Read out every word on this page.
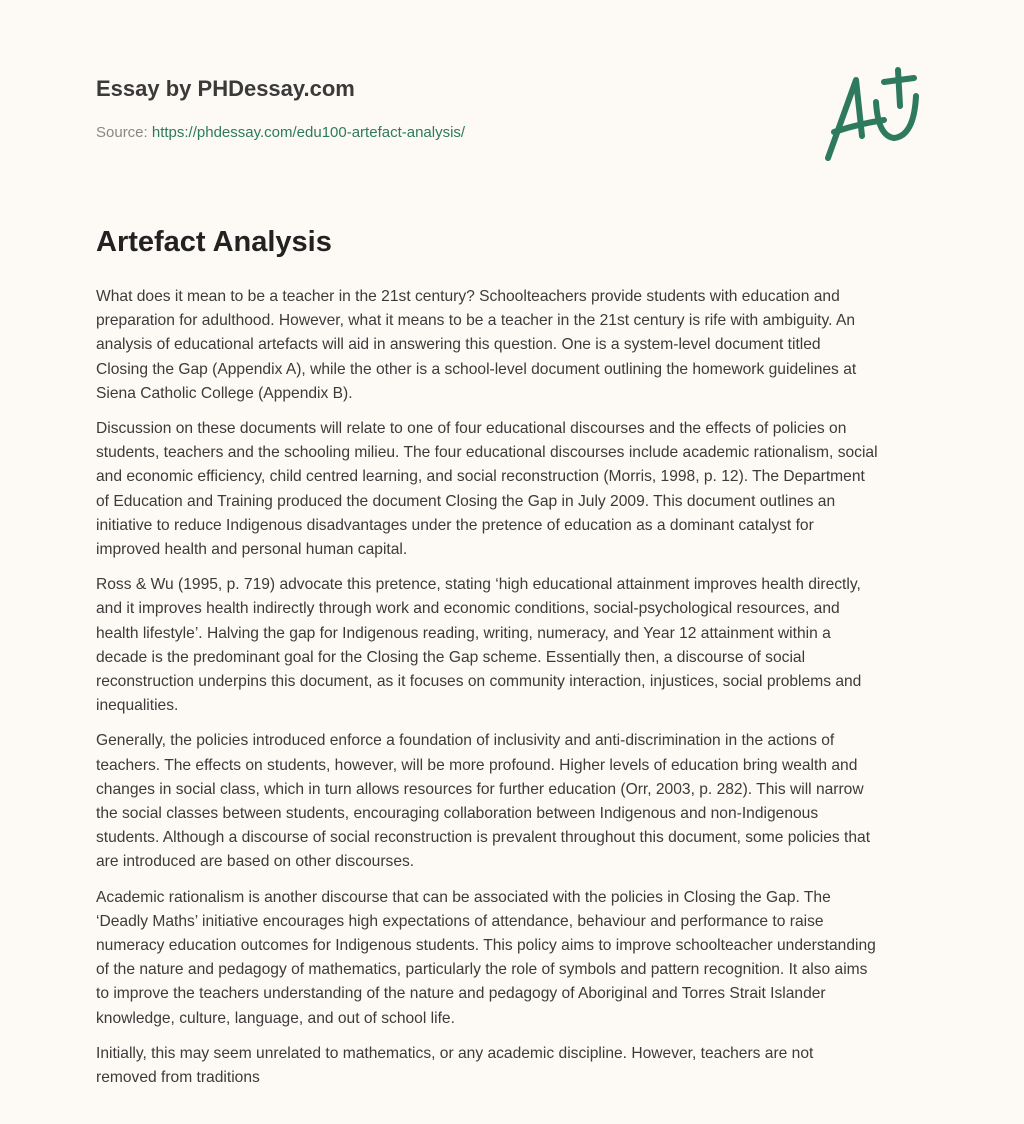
Essay by PHDessay.com
Source: https://phdessay.com/edu100-artefact-analysis/
Artefact Analysis

What does it mean to be a teacher in the 21st century? Schoolteachers provide students with education and
preparation for adulthood. However, what it means to be a teacher in the 21st century is rife with ambiguity. An
analysis of educational artefacts will aid in answering this question. One is a system-level document titled
Closing the Gap (Appendix A), while the other is a school-level document outlining the homework guidelines at
Siena Catholic College (Appendix B).

Discussion on these documents will relate to one of four educational discourses and the effects of policies on
students, teachers and the schooling milieu. The four educational discourses include academic rationalism, social
and economic efficiency, child centred learning, and social reconstruction (Morris, 1998, p. 12). The Department
of Education and Training produced the document Closing the Gap in July 2009. This document outlines an
initiative to reduce Indigenous disadvantages under the pretence of education as a dominant catalyst for
improved health and personal human capital.

Ross & Wu (1995, p. 719) advocate this pretence, stating ‘high educational attainment improves health directly,
and it improves health indirectly through work and economic conditions, social-psychological resources, and
health lifestyle’. Halving the gap for Indigenous reading, writing, numeracy, and Year 12 attainment within a
decade is the predominant goal for the Closing the Gap scheme. Essentially then, a discourse of social
reconstruction underpins this document, as it focuses on community interaction, injustices, social problems and
inequalities.

Generally, the policies introduced enforce a foundation of inclusivity and anti-discrimination in the actions of
teachers. The effects on students, however, will be more profound. Higher levels of education bring wealth and
changes in social class, which in turn allows resources for further education (Orr, 2003, p. 282). This will narrow
the social classes between students, encouraging collaboration between Indigenous and non-Indigenous
students. Although a discourse of social reconstruction is prevalent throughout this document, some policies that
are introduced are based on other discourses.

Academic rationalism is another discourse that can be associated with the policies in Closing the Gap. The
‘Deadly Maths’ initiative encourages high expectations of attendance, behaviour and performance to raise
numeracy education outcomes for Indigenous students. This policy aims to improve schoolteacher understanding
of the nature and pedagogy of mathematics, particularly the role of symbols and pattern recognition. It also aims
to improve the teachers understanding of the nature and pedagogy of Aboriginal and Torres Strait Islander
knowledge, culture, language, and out of school life.

Initially, this may seem unrelated to mathematics, or any academic discipline. However, teachers are not
removed from traditions
